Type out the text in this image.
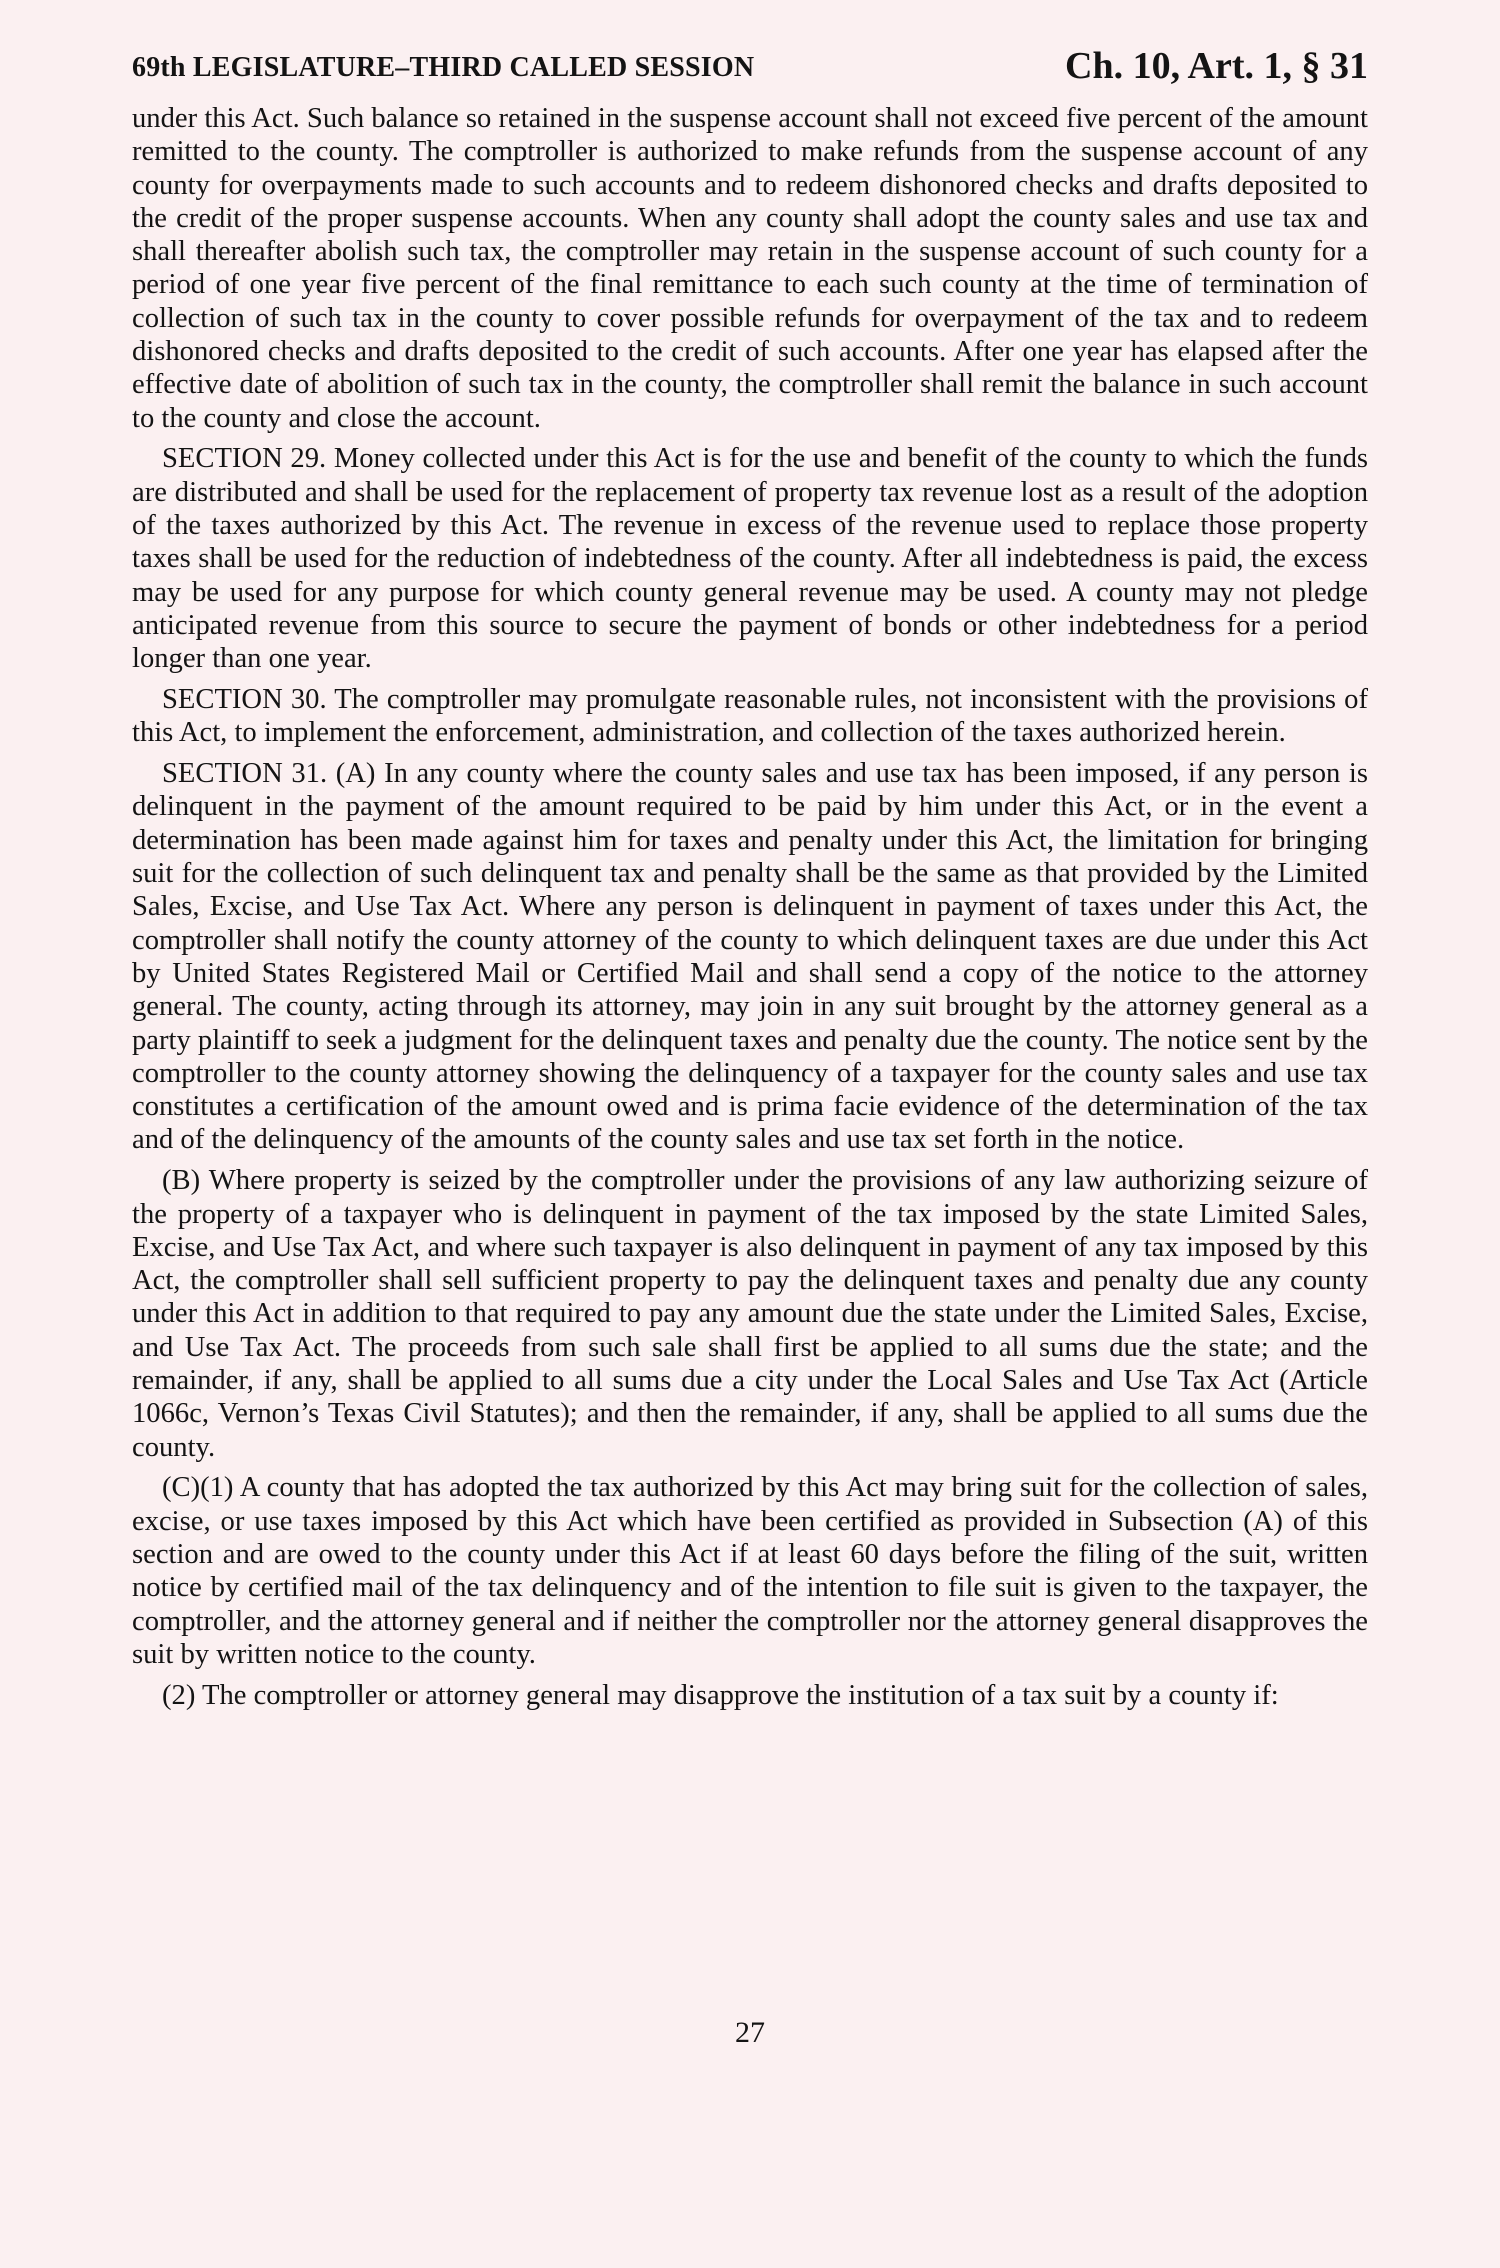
69th LEGISLATURE–THIRD CALLED SESSION	Ch. 10, Art. 1, § 31

under this Act. Such balance so retained in the suspense account shall not exceed five percent of the amount remitted to the county. The comptroller is authorized to make refunds from the suspense account of any county for overpayments made to such accounts and to redeem dishonored checks and drafts deposited to the credit of the proper suspense accounts. When any county shall adopt the county sales and use tax and shall thereafter abolish such tax, the comptroller may retain in the suspense account of such county for a period of one year five percent of the final remittance to each such county at the time of termination of collection of such tax in the county to cover possible refunds for overpayment of the tax and to redeem dishonored checks and drafts deposited to the credit of such accounts. After one year has elapsed after the effective date of abolition of such tax in the county, the comptroller shall remit the balance in such account to the county and close the account.

SECTION 29. Money collected under this Act is for the use and benefit of the county to which the funds are distributed and shall be used for the replacement of property tax revenue lost as a result of the adoption of the taxes authorized by this Act. The revenue in excess of the revenue used to replace those property taxes shall be used for the reduction of indebtedness of the county. After all indebtedness is paid, the excess may be used for any purpose for which county general revenue may be used. A county may not pledge anticipated revenue from this source to secure the payment of bonds or other indebtedness for a period longer than one year.

SECTION 30. The comptroller may promulgate reasonable rules, not inconsistent with the provisions of this Act, to implement the enforcement, administration, and collection of the taxes authorized herein.

SECTION 31. (A) In any county where the county sales and use tax has been imposed, if any person is delinquent in the payment of the amount required to be paid by him under this Act, or in the event a determination has been made against him for taxes and penalty under this Act, the limitation for bringing suit for the collection of such delinquent tax and penalty shall be the same as that provided by the Limited Sales, Excise, and Use Tax Act. Where any person is delinquent in payment of taxes under this Act, the comptroller shall notify the county attorney of the county to which delinquent taxes are due under this Act by United States Registered Mail or Certified Mail and shall send a copy of the notice to the attorney general. The county, acting through its attorney, may join in any suit brought by the attorney general as a party plaintiff to seek a judgment for the delinquent taxes and penalty due the county. The notice sent by the comptroller to the county attorney showing the delinquency of a taxpayer for the county sales and use tax constitutes a certification of the amount owed and is prima facie evidence of the determination of the tax and of the delinquency of the amounts of the county sales and use tax set forth in the notice.

(B) Where property is seized by the comptroller under the provisions of any law authorizing seizure of the property of a taxpayer who is delinquent in payment of the tax imposed by the state Limited Sales, Excise, and Use Tax Act, and where such taxpayer is also delinquent in payment of any tax imposed by this Act, the comptroller shall sell sufficient property to pay the delinquent taxes and penalty due any county under this Act in addition to that required to pay any amount due the state under the Limited Sales, Excise, and Use Tax Act. The proceeds from such sale shall first be applied to all sums due the state; and the remainder, if any, shall be applied to all sums due a city under the Local Sales and Use Tax Act (Article 1066c, Vernon’s Texas Civil Statutes); and then the remainder, if any, shall be applied to all sums due the county.

(C)(1) A county that has adopted the tax authorized by this Act may bring suit for the collection of sales, excise, or use taxes imposed by this Act which have been certified as provided in Subsection (A) of this section and are owed to the county under this Act if at least 60 days before the filing of the suit, written notice by certified mail of the tax delinquency and of the intention to file suit is given to the taxpayer, the comptroller, and the attorney general and if neither the comptroller nor the attorney general disapproves the suit by written notice to the county.

(2) The comptroller or attorney general may disapprove the institution of a tax suit by a county if:

27
